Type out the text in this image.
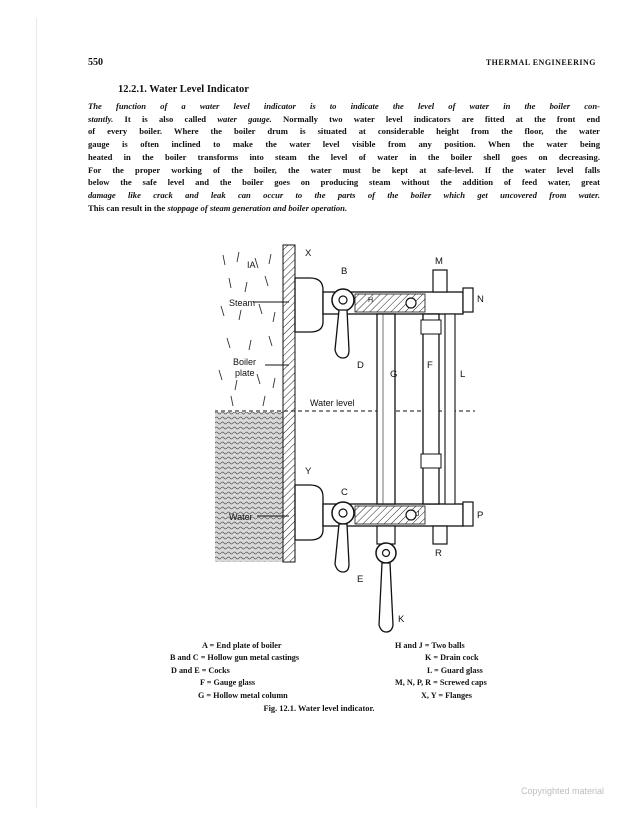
550	THERMAL ENGINEERING
12.2.1. Water Level Indicator
The function of a water level indicator is to indicate the level of water in the boiler con-
stantly. It is also called water gauge. Normally two water level indicators are fitted at the front end
of every boiler. Where the boiler drum is situated at considerable height from the floor, the water
gauge is often inclined to make the water level visible from any position. When the water being
heated in the boiler transforms into steam the level of water in the boiler shell goes on decreasing.
For the proper working of the boiler, the water must be kept at safe-level. If the water level falls
below the safe level and the boiler goes on producing steam without the addition of feed water, great
damage like crack and leak can occur to the parts of the boiler which get uncovered from water.
This can result in the stoppage of steam generation and boiler operation.
IA
Steam
Boiler
plate
Water level
Water
X
Y
B
C
D
E
G
F
L
M
N
P
R
K
H
J
A = End plate of boiler
B and C = Hollow gun metal castings
D and E = Cocks
F = Gauge glass
G = Hollow metal column
H and J = Two balls
K = Drain cock
L = Guard glass
M, N, P, R = Screwed caps
X, Y = Flanges
Fig. 12.1. Water level indicator.
Copyrighted material
